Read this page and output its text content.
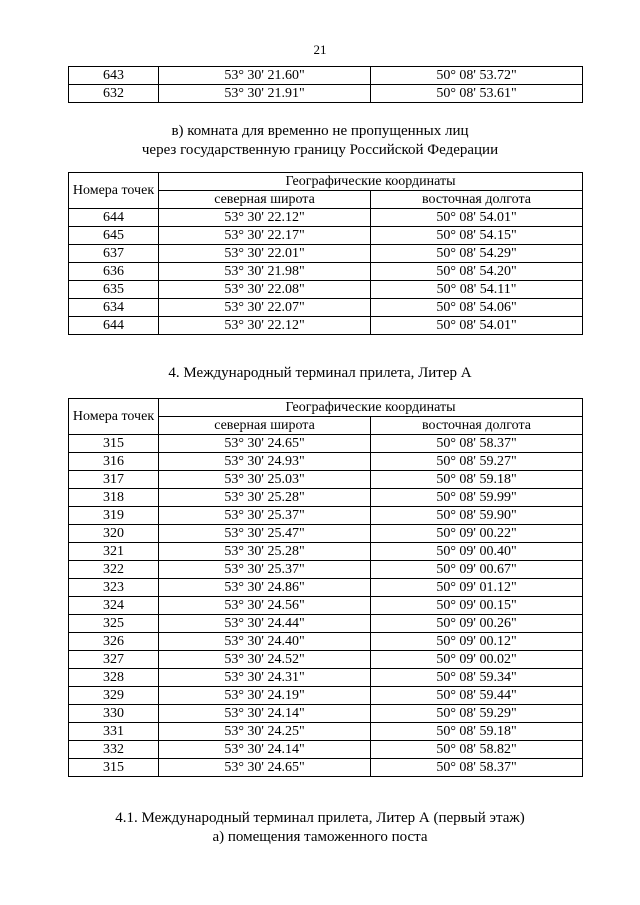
21
643	53° 30' 21.60"	50° 08' 53.72"
632	53° 30' 21.91"	50° 08' 53.61"
в) комната для временно не пропущенных лиц
через государственную границу Российской Федерации
Номера точек	Географические координаты	
	северная широта	восточная долгота
644	53° 30' 22.12"	50° 08' 54.01"
645	53° 30' 22.17"	50° 08' 54.15"
637	53° 30' 22.01"	50° 08' 54.29"
636	53° 30' 21.98"	50° 08' 54.20"
635	53° 30' 22.08"	50° 08' 54.11"
634	53° 30' 22.07"	50° 08' 54.06"
644	53° 30' 22.12"	50° 08' 54.01"
4. Международный терминал прилета, Литер А
Номера точек	Географические координаты	
	северная широта	восточная долгота
315	53° 30' 24.65"	50° 08' 58.37"
316	53° 30' 24.93"	50° 08' 59.27"
317	53° 30' 25.03"	50° 08' 59.18"
318	53° 30' 25.28"	50° 08' 59.99"
319	53° 30' 25.37"	50° 08' 59.90"
320	53° 30' 25.47"	50° 09' 00.22"
321	53° 30' 25.28"	50° 09' 00.40"
322	53° 30' 25.37"	50° 09' 00.67"
323	53° 30' 24.86"	50° 09' 01.12"
324	53° 30' 24.56"	50° 09' 00.15"
325	53° 30' 24.44"	50° 09' 00.26"
326	53° 30' 24.40"	50° 09' 00.12"
327	53° 30' 24.52"	50° 09' 00.02"
328	53° 30' 24.31"	50° 08' 59.34"
329	53° 30' 24.19"	50° 08' 59.44"
330	53° 30' 24.14"	50° 08' 59.29"
331	53° 30' 24.25"	50° 08' 59.18"
332	53° 30' 24.14"	50° 08' 58.82"
315	53° 30' 24.65"	50° 08' 58.37"
4.1. Международный терминал прилета, Литер А (первый этаж)
а) помещения таможенного поста
